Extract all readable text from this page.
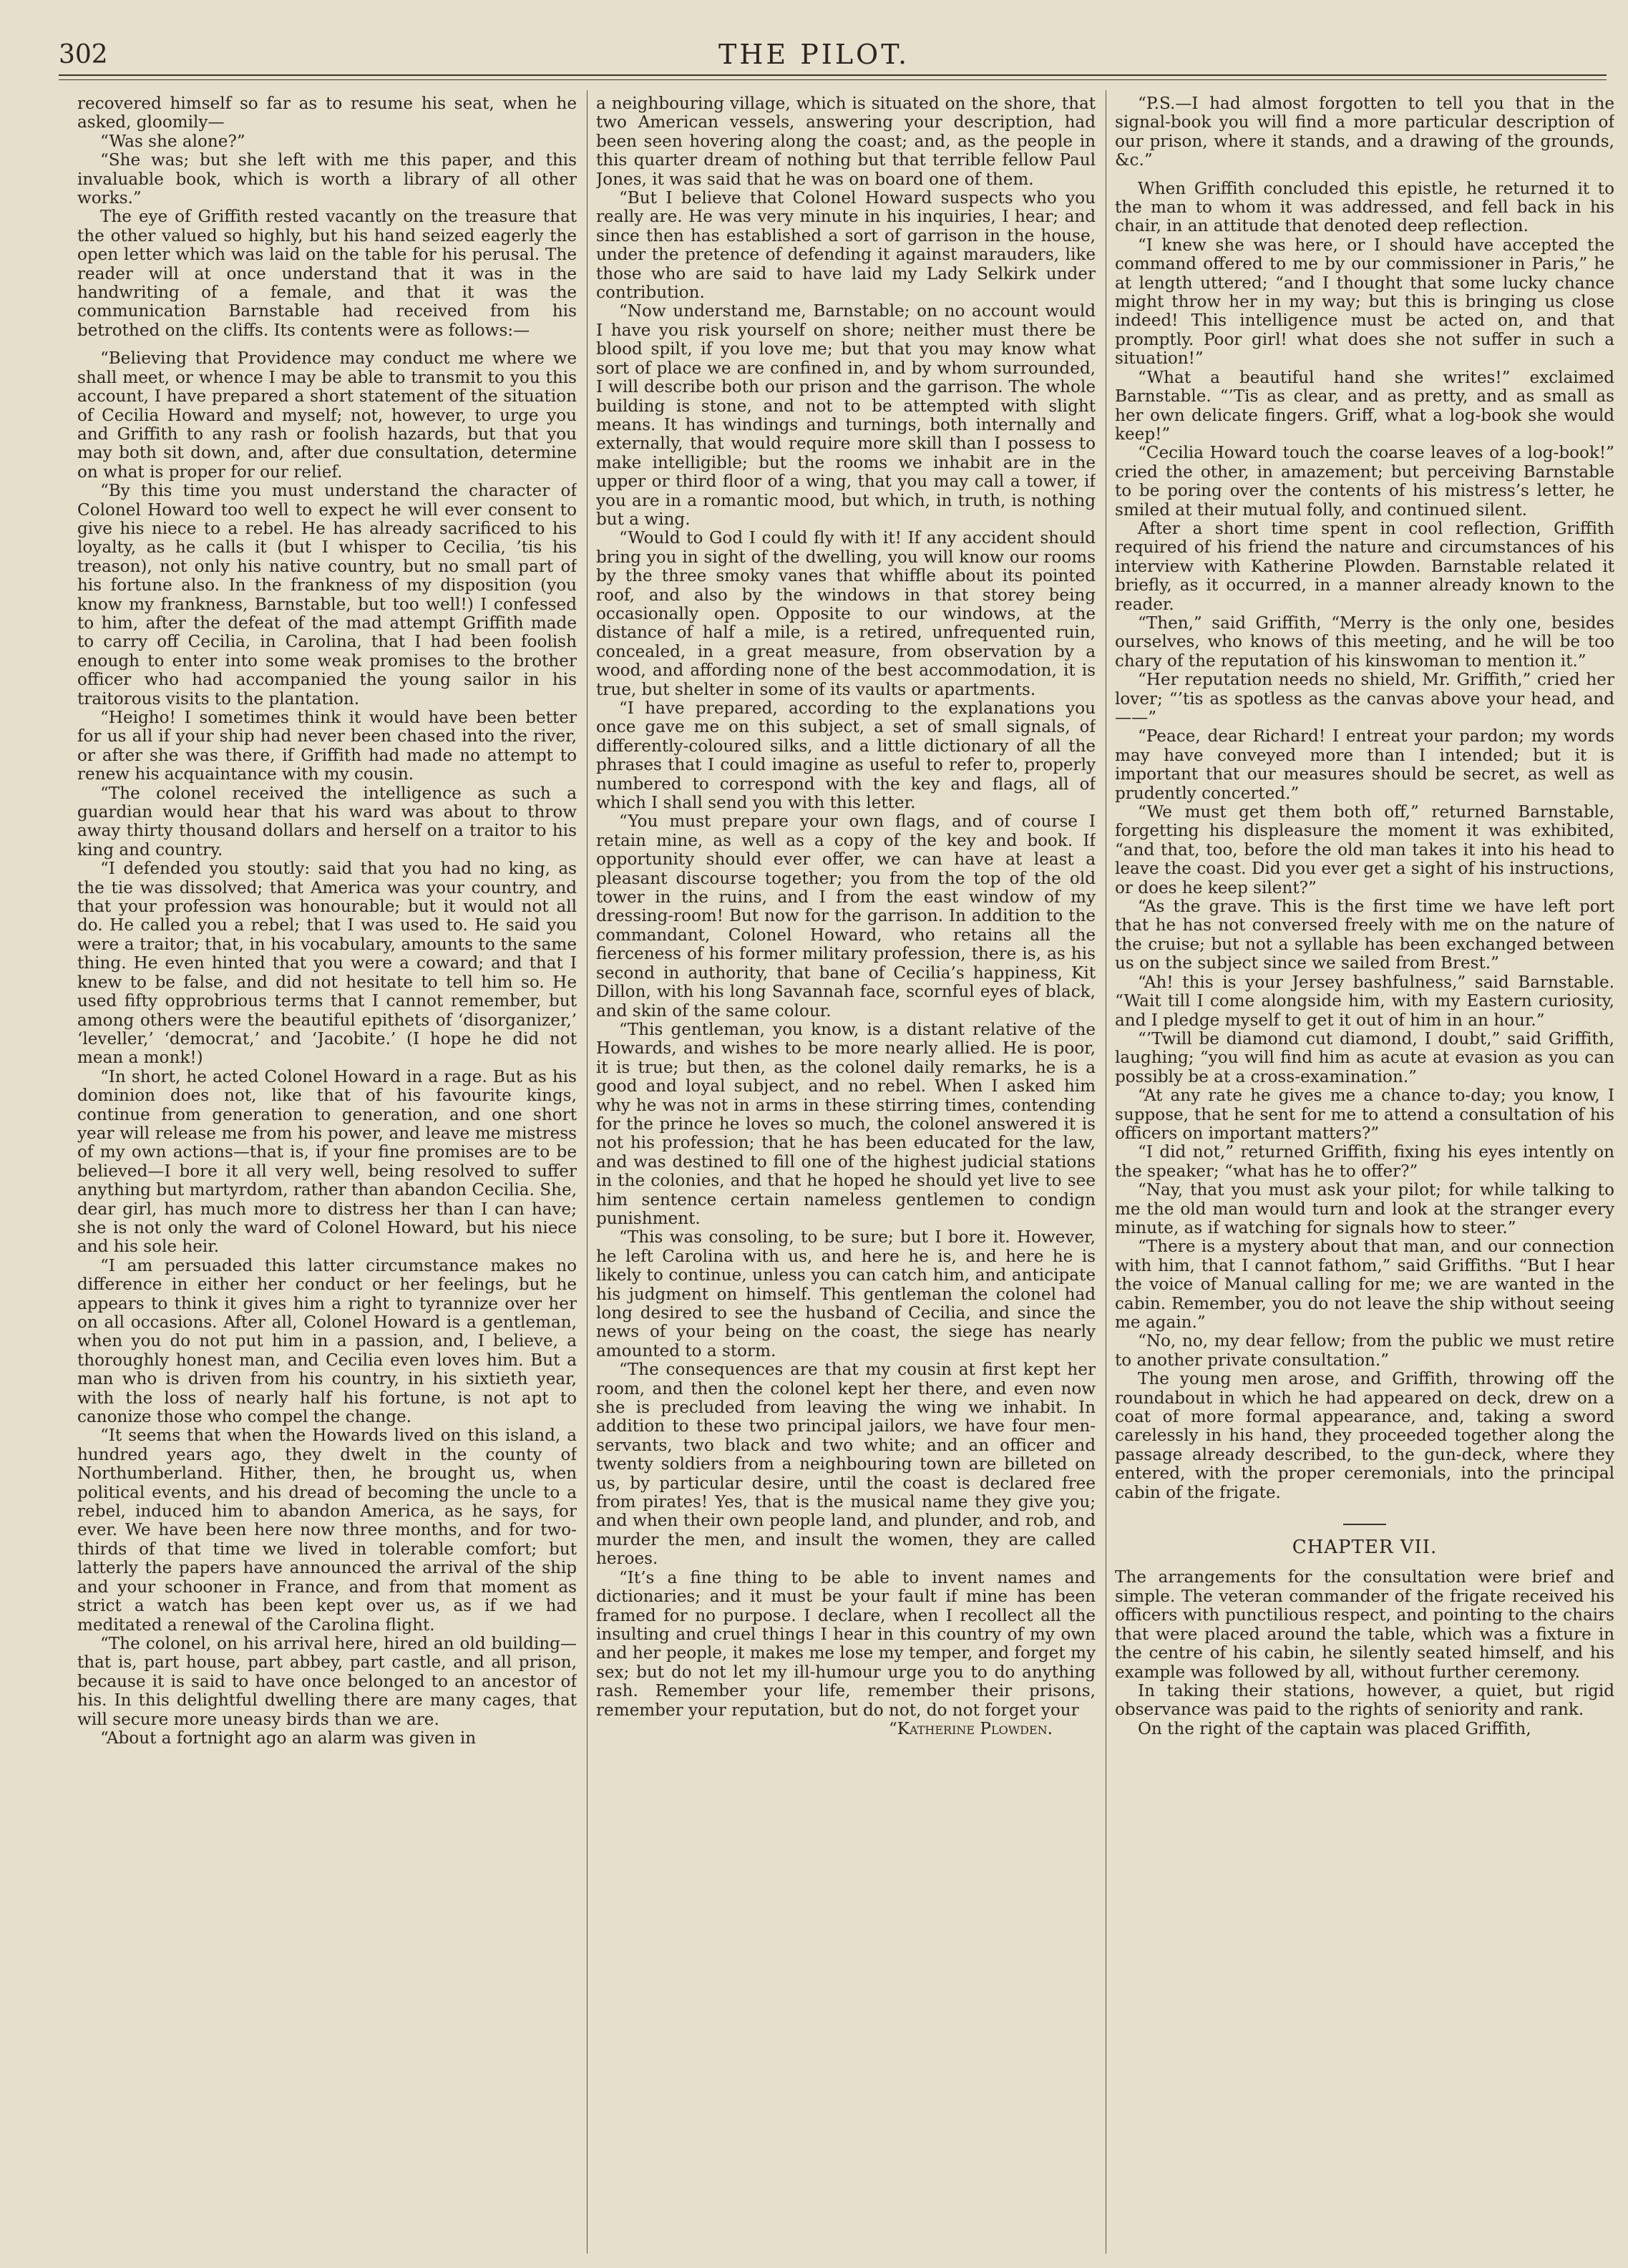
302	THE PILOT.

recovered himself so far as to resume his seat, when he asked, gloomily—

“Was she alone?”

“She was; but she left with me this paper, and this invaluable book, which is worth a library of all other works.”

The eye of Griffith rested vacantly on the treasure that the other valued so highly, but his hand seized eagerly the open letter which was laid on the table for his perusal. The reader will at once understand that it was in the handwriting of a female, and that it was the communication Barnstable had received from his betrothed on the cliffs. Its contents were as follows:—

“Believing that Providence may conduct me where we shall meet, or whence I may be able to transmit to you this account, I have prepared a short statement of the situation of Cecilia Howard and myself; not, however, to urge you and Griffith to any rash or foolish hazards, but that you may both sit down, and, after due consultation, determine on what is proper for our relief.

“By this time you must understand the character of Colonel Howard too well to expect he will ever consent to give his niece to a rebel. He has already sacrificed to his loyalty, as he calls it (but I whisper to Cecilia, ’tis his treason), not only his native country, but no small part of his fortune also. In the frankness of my disposition (you know my frankness, Barnstable, but too well!) I confessed to him, after the defeat of the mad attempt Griffith made to carry off Cecilia, in Carolina, that I had been foolish enough to enter into some weak promises to the brother officer who had accompanied the young sailor in his traitorous visits to the plantation.

“Heigho! I sometimes think it would have been better for us all if your ship had never been chased into the river, or after she was there, if Griffith had made no attempt to renew his acquaintance with my cousin.

“The colonel received the intelligence as such a guardian would hear that his ward was about to throw away thirty thousand dollars and herself on a traitor to his king and country.

“I defended you stoutly: said that you had no king, as the tie was dissolved; that America was your country, and that your profession was honourable; but it would not all do. He called you a rebel; that I was used to. He said you were a traitor; that, in his vocabulary, amounts to the same thing. He even hinted that you were a coward; and that I knew to be false, and did not hesitate to tell him so. He used fifty opprobrious terms that I cannot remember, but among others were the beautiful epithets of ‘disorganizer,’ ‘leveller,’ ‘democrat,’ and ‘Jacobite.’ (I hope he did not mean a monk!)

“In short, he acted Colonel Howard in a rage. But as his dominion does not, like that of his favourite kings, continue from generation to generation, and one short year will release me from his power, and leave me mistress of my own actions—that is, if your fine promises are to be believed—I bore it all very well, being resolved to suffer anything but martyrdom, rather than abandon Cecilia. She, dear girl, has much more to distress her than I can have; she is not only the ward of Colonel Howard, but his niece and his sole heir.

“I am persuaded this latter circumstance makes no difference in either her conduct or her feelings, but he appears to think it gives him a right to tyrannize over her on all occasions. After all, Colonel Howard is a gentleman, when you do not put him in a passion, and, I believe, a thoroughly honest man, and Cecilia even loves him. But a man who is driven from his country, in his sixtieth year, with the loss of nearly half his fortune, is not apt to canonize those who compel the change.

“It seems that when the Howards lived on this island, a hundred years ago, they dwelt in the county of Northumberland. Hither, then, he brought us, when political events, and his dread of becoming the uncle to a rebel, induced him to abandon America, as he says, for ever. We have been here now three months, and for two-thirds of that time we lived in tolerable comfort; but latterly the papers have announced the arrival of the ship and your schooner in France, and from that moment as strict a watch has been kept over us, as if we had meditated a renewal of the Carolina flight.

“The colonel, on his arrival here, hired an old building—that is, part house, part abbey, part castle, and all prison, because it is said to have once belonged to an ancestor of his. In this delightful dwelling there are many cages, that will secure more uneasy birds than we are.

“About a fortnight ago an alarm was given in

a neighbouring village, which is situated on the shore, that two American vessels, answering your description, had been seen hovering along the coast; and, as the people in this quarter dream of nothing but that terrible fellow Paul Jones, it was said that he was on board one of them.

“But I believe that Colonel Howard suspects who you really are. He was very minute in his inquiries, I hear; and since then has established a sort of garrison in the house, under the pretence of defending it against marauders, like those who are said to have laid my Lady Selkirk under contribution.

“Now understand me, Barnstable; on no account would I have you risk yourself on shore; neither must there be blood spilt, if you love me; but that you may know what sort of place we are confined in, and by whom surrounded, I will describe both our prison and the garrison. The whole building is stone, and not to be attempted with slight means. It has windings and turnings, both internally and externally, that would require more skill than I possess to make intelligible; but the rooms we inhabit are in the upper or third floor of a wing, that you may call a tower, if you are in a romantic mood, but which, in truth, is nothing but a wing.

“Would to God I could fly with it! If any accident should bring you in sight of the dwelling, you will know our rooms by the three smoky vanes that whiffle about its pointed roof, and also by the windows in that storey being occasionally open. Opposite to our windows, at the distance of half a mile, is a retired, unfrequented ruin, concealed, in a great measure, from observation by a wood, and affording none of the best accommodation, it is true, but shelter in some of its vaults or apartments.

“I have prepared, according to the explanations you once gave me on this subject, a set of small signals, of differently-coloured silks, and a little dictionary of all the phrases that I could imagine as useful to refer to, properly numbered to correspond with the key and flags, all of which I shall send you with this letter.

“You must prepare your own flags, and of course I retain mine, as well as a copy of the key and book. If opportunity should ever offer, we can have at least a pleasant discourse together; you from the top of the old tower in the ruins, and I from the east window of my dressing-room! But now for the garrison. In addition to the commandant, Colonel Howard, who retains all the fierceness of his former military profession, there is, as his second in authority, that bane of Cecilia’s happiness, Kit Dillon, with his long Savannah face, scornful eyes of black, and skin of the same colour.

“This gentleman, you know, is a distant relative of the Howards, and wishes to be more nearly allied. He is poor, it is true; but then, as the colonel daily remarks, he is a good and loyal subject, and no rebel. When I asked him why he was not in arms in these stirring times, contending for the prince he loves so much, the colonel answered it is not his profession; that he has been educated for the law, and was destined to fill one of the highest judicial stations in the colonies, and that he hoped he should yet live to see him sentence certain nameless gentlemen to condign punishment.

“This was consoling, to be sure; but I bore it. However, he left Carolina with us, and here he is, and here he is likely to continue, unless you can catch him, and anticipate his judgment on himself. This gentleman the colonel had long desired to see the husband of Cecilia, and since the news of your being on the coast, the siege has nearly amounted to a storm.

“The consequences are that my cousin at first kept her room, and then the colonel kept her there, and even now she is precluded from leaving the wing we inhabit. In addition to these two principal jailors, we have four men-servants, two black and two white; and an officer and twenty soldiers from a neighbouring town are billeted on us, by particular desire, until the coast is declared free from pirates! Yes, that is the musical name they give you; and when their own people land, and plunder, and rob, and murder the men, and insult the women, they are called heroes.

“It’s a fine thing to be able to invent names and dictionaries; and it must be your fault if mine has been framed for no purpose. I declare, when I recollect all the insulting and cruel things I hear in this country of my own and her people, it makes me lose my temper, and forget my sex; but do not let my ill-humour urge you to do anything rash. Remember your life, remember their prisons, remember your reputation, but do not, do not forget your

“Katherine Plowden.

“P.S.—I had almost forgotten to tell you that in the signal-book you will find a more particular description of our prison, where it stands, and a drawing of the grounds, &c.”

When Griffith concluded this epistle, he returned it to the man to whom it was addressed, and fell back in his chair, in an attitude that denoted deep reflection.

“I knew she was here, or I should have accepted the command offered to me by our commissioner in Paris,” he at length uttered; “and I thought that some lucky chance might throw her in my way; but this is bringing us close indeed! This intelligence must be acted on, and that promptly. Poor girl! what does she not suffer in such a situation!”

“What a beautiful hand she writes!” exclaimed Barnstable. “’Tis as clear, and as pretty, and as small as her own delicate fingers. Griff, what a log-book she would keep!”

“Cecilia Howard touch the coarse leaves of a log-book!” cried the other, in amazement; but perceiving Barnstable to be poring over the contents of his mistress’s letter, he smiled at their mutual folly, and continued silent.

After a short time spent in cool reflection, Griffith required of his friend the nature and circumstances of his interview with Katherine Plowden. Barnstable related it briefly, as it occurred, in a manner already known to the reader.

“Then,” said Griffith, “Merry is the only one, besides ourselves, who knows of this meeting, and he will be too chary of the reputation of his kinswoman to mention it.”

“Her reputation needs no shield, Mr. Griffith,” cried her lover; “’tis as spotless as the canvas above your head, and——”

“Peace, dear Richard! I entreat your pardon; my words may have conveyed more than I intended; but it is important that our measures should be secret, as well as prudently concerted.”

“We must get them both off,” returned Barnstable, forgetting his displeasure the moment it was exhibited, “and that, too, before the old man takes it into his head to leave the coast. Did you ever get a sight of his instructions, or does he keep silent?”

“As the grave. This is the first time we have left port that he has not conversed freely with me on the nature of the cruise; but not a syllable has been exchanged between us on the subject since we sailed from Brest.”

“Ah! this is your Jersey bashfulness,” said Barnstable. “Wait till I come alongside him, with my Eastern curiosity, and I pledge myself to get it out of him in an hour.”

“’Twill be diamond cut diamond, I doubt,” said Griffith, laughing; “you will find him as acute at evasion as you can possibly be at a cross-examination.”

“At any rate he gives me a chance to-day; you know, I suppose, that he sent for me to attend a consultation of his officers on important matters?”

“I did not,” returned Griffith, fixing his eyes intently on the speaker; “what has he to offer?”

“Nay, that you must ask your pilot; for while talking to me the old man would turn and look at the stranger every minute, as if watching for signals how to steer.”

“There is a mystery about that man, and our connection with him, that I cannot fathom,” said Griffiths. “But I hear the voice of Manual calling for me; we are wanted in the cabin. Remember, you do not leave the ship without seeing me again.”

“No, no, my dear fellow; from the public we must retire to another private consultation.”

The young men arose, and Griffith, throwing off the roundabout in which he had appeared on deck, drew on a coat of more formal appearance, and, taking a sword carelessly in his hand, they proceeded together along the passage already described, to the gun-deck, where they entered, with the proper ceremonials, into the principal cabin of the frigate.

CHAPTER VII.

The arrangements for the consultation were brief and simple. The veteran commander of the frigate received his officers with punctilious respect, and pointing to the chairs that were placed around the table, which was a fixture in the centre of his cabin, he silently seated himself, and his example was followed by all, without further ceremony.

In taking their stations, however, a quiet, but rigid observance was paid to the rights of seniority and rank.

On the right of the captain was placed Griffith,
